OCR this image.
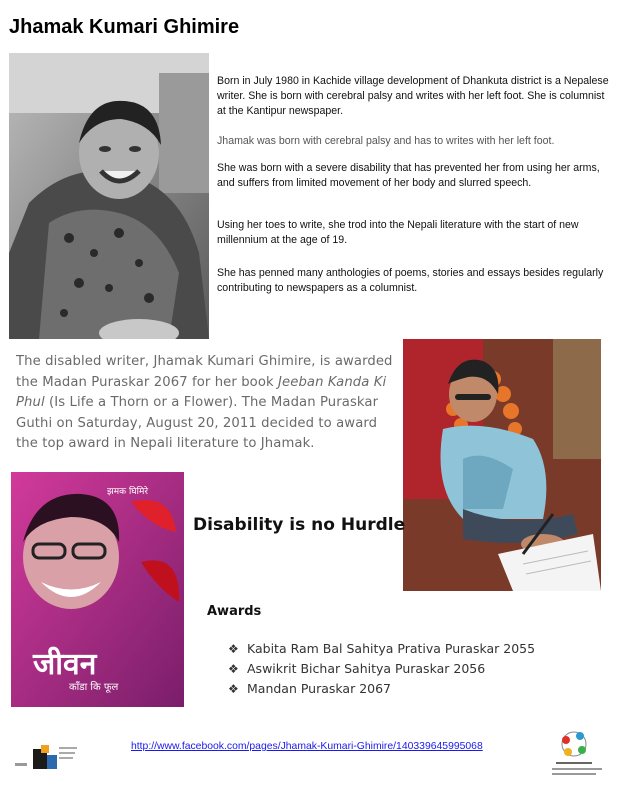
Jhamak Kumari Ghimire

Born in July 1980 in Kachide village development of Dhankuta district is a Nepalese writer. She is born with cerebral palsy and writes with her left foot. She is columnist at the Kantipur newspaper.

Jhamak was born with cerebral palsy and has to writes with her left foot.

She was born with a severe disability that has prevented her from using her arms, and suffers from limited movement of her body and slurred speech.

Using her toes to write, she trod into the Nepali literature with the start of new millennium at the age of 19.

She has penned many anthologies of poems, stories and essays besides regularly contributing to newspapers as a columnist.

The disabled writer, Jhamak Kumari Ghimire, is awarded the Madan Puraskar 2067 for her book Jeeban Kanda Ki Phul (Is Life a Thorn or a Flower). The Madan Puraskar Guthi on Saturday, August 20, 2011 decided to award the top award in Nepali literature to Jhamak.

झमक घिमिरे
जीवन
काँडा कि फूल
Disability is no Hurdle
Awards
❖ Kabita Ram Bal Sahitya Prativa Puraskar 2055
❖ Aswikrit Bichar Sahitya Puraskar 2056
❖ Mandan Puraskar 2067
http://www.facebook.com/pages/Jhamak-Kumari-Ghimire/140339645995068
